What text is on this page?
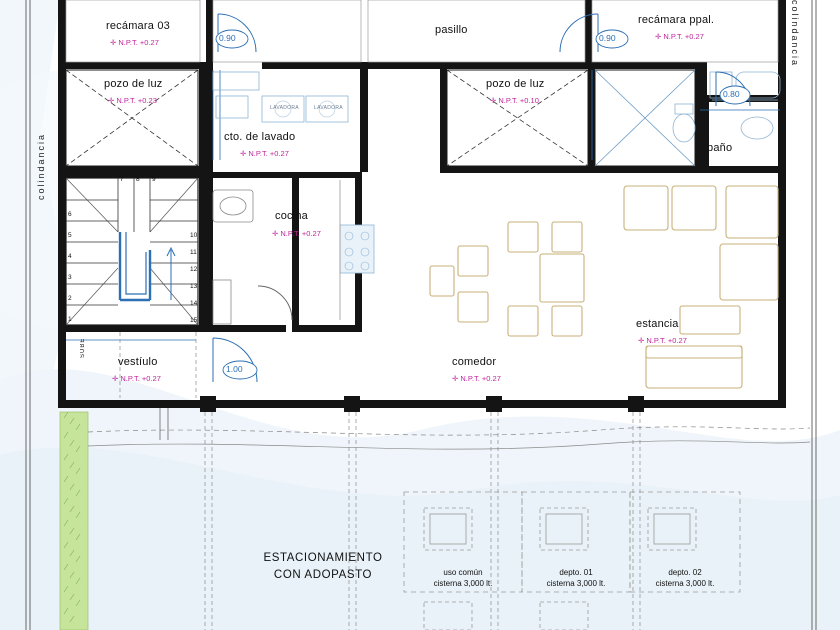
colindancia
colindancia
recámara 03
✛ N.P.T. +0.27
pasillo
recámara ppal.
✛ N.P.T. +0.27
pozo de luz
✛ N.P.T. +0.23
pozo de luz
✛ N.P.T. +0.10
cto. de lavado
✛ N.P.T. +0.27	baño
cocina
✛ N.P.T. +0.27
estancia
✛ N.P.T. +0.27
comedor
✛ N.P.T. +0.27
vestíulo
✛ N.P.T. +0.27
0.90	0.90
0.80
1.00
LAVADORA	LAVADORA
1
2
3
4
5
6
7 8 9
10
11
12
13
14
15
SUBE
ESTACIONAMIENTO
CON ADOPASTO	uso común
cisterna 3,000 lt.
depto. 01
cisterna 3,000 lt.
depto. 02
cisterna 3,000 lt.
